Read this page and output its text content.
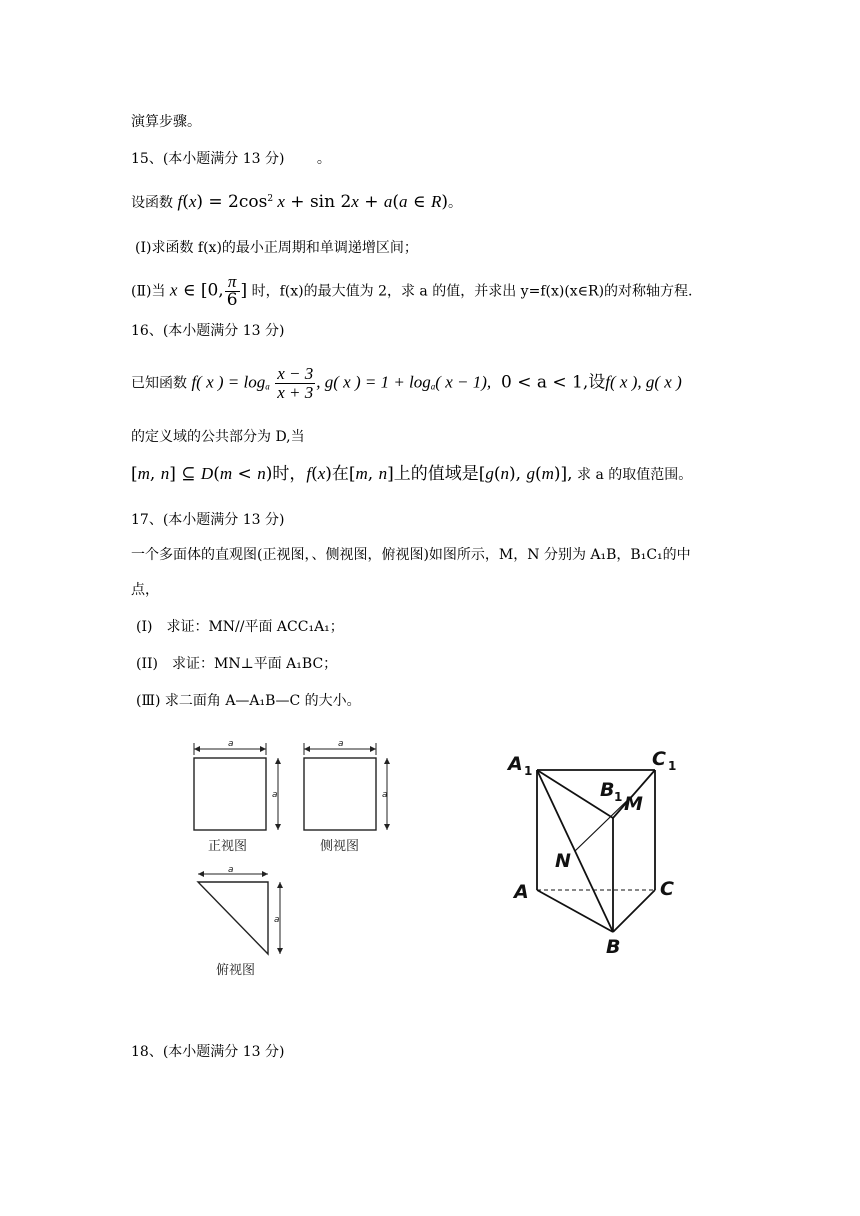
演算步骤。
15、(本小题满分 13 分) 。
设函数 $f(x) = 2\cos^2$ x + sin 2x + a(a ∈ R)。
(I)求函数 f(x)的最小正周期和单调递增区间；
(Ⅱ)当 x ∈ [0, $\frac{\pi}{6}$ ] 时，f(x)的最大值为 2，求 a 的值，并求出 y=f(x)(x∈R)的对称轴方程.
16、(本小题满分 13 分)
已知函数 f( x ) = $\log_a \frac{x - 3}{x + 3}$ , g( x ) = $1 + \log_a$( x − 1),  0 < a < 1,设f( x ), g( x )
的定义域的公共部分为 D,当
[m, n] ⊆ D(m < n)时，f(x)在[m, n]上的值域是[g(n), g(m)], 求 a 的取值范围。
17、(本小题满分 13 分)
一个多面体的直观图(正视图，、侧视图，俯视图)如图所示，M，N 分别为 A₁B，B₁C₁的中
点，
(I)　求证：MN//平面 ACC₁A₁；
(II)　求证：MN⊥平面 A₁BC；
(Ⅲ) 求二面角 A—A₁B—C 的大小。
a
a
正视图
a
a
侧视图
a
a
俯视图
A 1
C 1
B 1 M
N
A	C
B
18、(本小题满分 13 分)
